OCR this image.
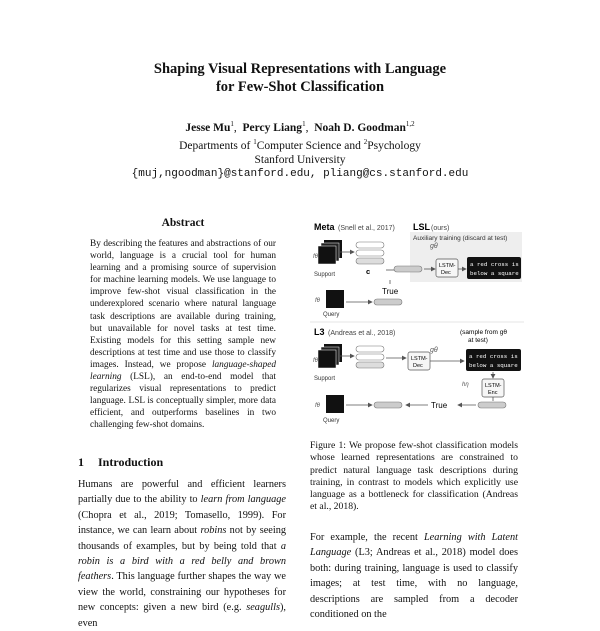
Shaping Visual Representations with Language
for Few-Shot Classification
Jesse Mu$^1$,  Percy Liang$^1$,  Noah D. Goodman$^{1,2}$
Departments of $^1$Computer Science and $^2$Psychology
Stanford University
{muj,ngoodman}@stanford.edu, pliang@cs.stanford.edu
Abstract
By describing the features and abstractions of our world, language is a crucial tool for human learning and a promising source of supervision for machine learning models. We use language to improve few-shot visual classification in the underexplored scenario where natural language task descriptions are available during training, but unavailable for novel tasks at test time. Existing models for this setting sample new descriptions at test time and use those to classify images. Instead, we propose language-shaped learning (LSL), an end-to-end model that regularizes visual representations to predict language. LSL is conceptually simpler, more data efficient, and outperforms baselines in two challenging few-shot domains.
1 Introduction
Humans are powerful and efficient learners partially due to the ability to learn from language (Chopra et al., 2019; Tomasello, 1999). For instance, we can learn about robins not by seeing thousands of examples, but by being told that a robin is a bird with a red belly and brown feathers. This language further shapes the way we view the world, constraining our hypotheses for new concepts: given a new bird (e.g. seagulls), even
Meta (Snell et al., 2017) LSL (ours)
Auxiliary training (discard at test)
gθ
fθ
Support	c
LSTM-
Dec
a red cross is
below a square
True
fθ
Query
L3 (Andreas et al., 2018)	(sample from gθ
at test)
fθ
Support
gθ
LSTM-
Dec
a red cross is
below a square
hη	LSTM-
Enc
True
fθ
Query
Figure 1: We propose few-shot classification models whose learned representations are constrained to predict natural language task descriptions during training, in contrast to models which explicitly use language as a bottleneck for classification (Andreas et al., 2018).
For example, the recent Learning with Latent Language (L3; Andreas et al., 2018) model does both: during training, language is used to classify images; at test time, with no language, descriptions are sampled from a decoder conditioned on the
